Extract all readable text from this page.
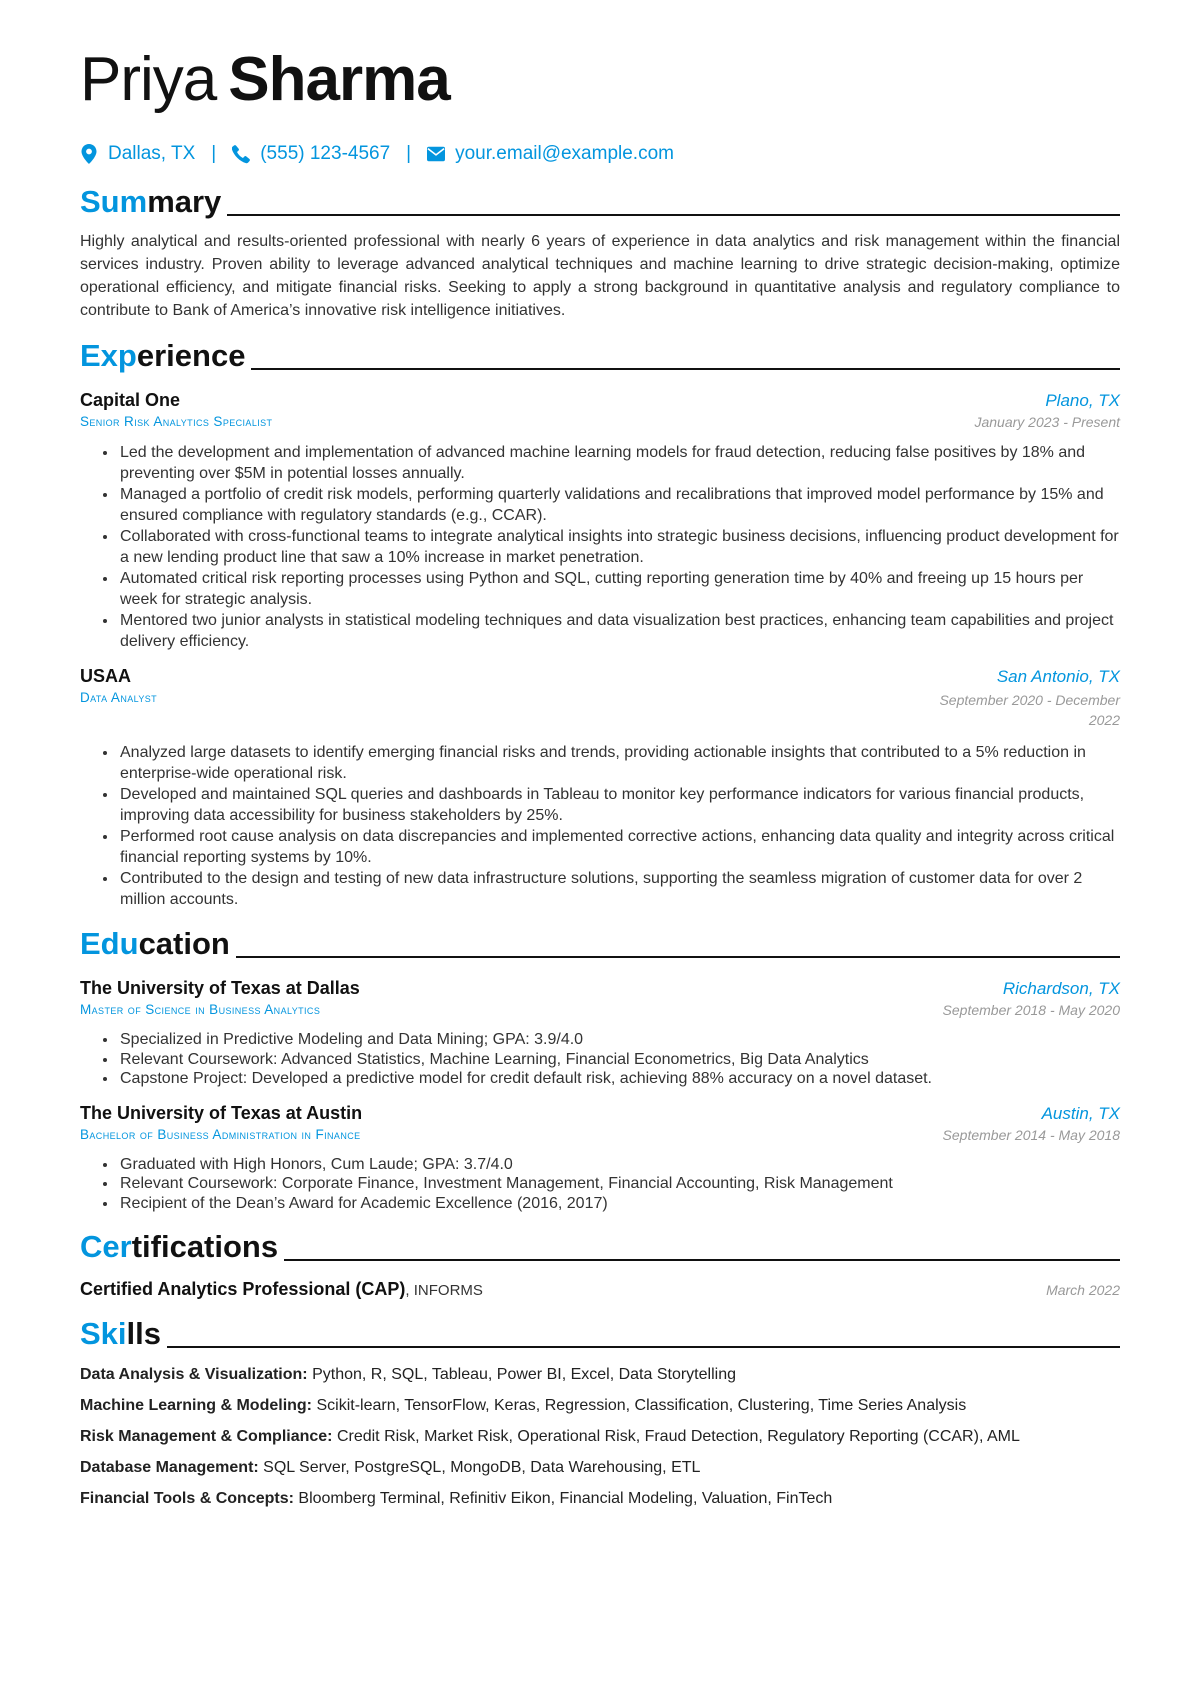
Priya Sharma
Dallas, TX | (555) 123-4567 | your.email@example.com
Summary

Highly analytical and results-oriented professional with nearly 6 years of experience in data analytics and risk management within the financial services industry. Proven ability to leverage advanced analytical techniques and machine learning to drive strategic decision-making, optimize operational efficiency, and mitigate financial risks. Seeking to apply a strong background in quantitative analysis and regulatory compliance to contribute to Bank of America’s innovative risk intelligence initiatives.

Experience
Capital One	Plano, TX
Senior Risk Analytics Specialist	January 2023 - Present
• Led the development and implementation of advanced machine learning models for fraud detection, reducing false positives by 18% and preventing over $5M in potential losses annually.
• Managed a portfolio of credit risk models, performing quarterly validations and recalibrations that improved model performance by 15% and ensured compliance with regulatory standards (e.g., CCAR).
• Collaborated with cross-functional teams to integrate analytical insights into strategic business decisions, influencing product development for a new lending product line that saw a 10% increase in market penetration.
• Automated critical risk reporting processes using Python and SQL, cutting reporting generation time by 40% and freeing up 15 hours per week for strategic analysis.
• Mentored two junior analysts in statistical modeling techniques and data visualization best practices, enhancing team capabilities and project delivery efficiency.
USAA	San Antonio, TX
Data Analyst	September 2020 - December 2022
• Analyzed large datasets to identify emerging financial risks and trends, providing actionable insights that contributed to a 5% reduction in enterprise-wide operational risk.
• Developed and maintained SQL queries and dashboards in Tableau to monitor key performance indicators for various financial products, improving data accessibility for business stakeholders by 25%.
• Performed root cause analysis on data discrepancies and implemented corrective actions, enhancing data quality and integrity across critical financial reporting systems by 10%.
• Contributed to the design and testing of new data infrastructure solutions, supporting the seamless migration of customer data for over 2 million accounts.
Education
The University of Texas at Dallas	Richardson, TX
Master of Science in Business Analytics	September 2018 - May 2020
• Specialized in Predictive Modeling and Data Mining; GPA: 3.9/4.0
• Relevant Coursework: Advanced Statistics, Machine Learning, Financial Econometrics, Big Data Analytics
• Capstone Project: Developed a predictive model for credit default risk, achieving 88% accuracy on a novel dataset.
The University of Texas at Austin	Austin, TX
Bachelor of Business Administration in Finance	September 2014 - May 2018
• Graduated with High Honors, Cum Laude; GPA: 3.7/4.0
• Relevant Coursework: Corporate Finance, Investment Management, Financial Accounting, Risk Management
• Recipient of the Dean’s Award for Academic Excellence (2016, 2017)
Certifications
Certified Analytics Professional (CAP), INFORMS	March 2022
Skills
Data Analysis & Visualization: Python, R, SQL, Tableau, Power BI, Excel, Data Storytelling
Machine Learning & Modeling: Scikit-learn, TensorFlow, Keras, Regression, Classification, Clustering, Time Series Analysis
Risk Management & Compliance: Credit Risk, Market Risk, Operational Risk, Fraud Detection, Regulatory Reporting (CCAR), AML
Database Management: SQL Server, PostgreSQL, MongoDB, Data Warehousing, ETL
Financial Tools & Concepts: Bloomberg Terminal, Refinitiv Eikon, Financial Modeling, Valuation, FinTech
